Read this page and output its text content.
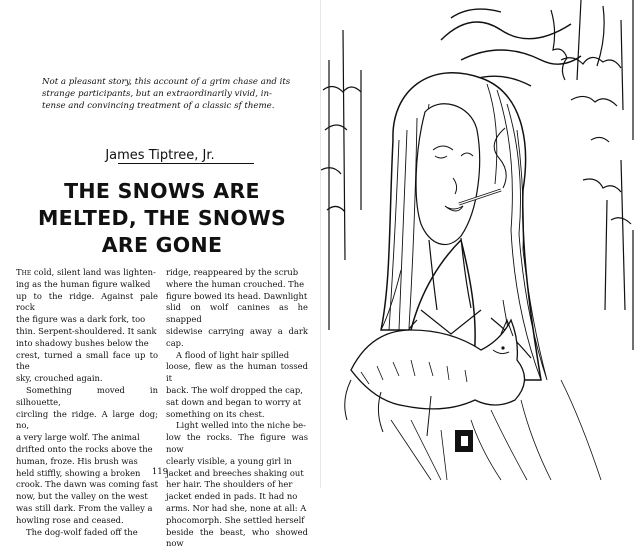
Not a pleasant story, this account of a grim chase and its

strange participants, but an extraordinarily vivid, in-

tense and convincing treatment of a classic sf theme.

James Tiptree, Jr.
THE SNOWS ARE
MELTED, THE SNOWS
ARE GONE

The cold, silent land was lighten-

ing as the human figure walked

up to the ridge. Against pale rock

the figure was a dark fork, too

thin. Serpent-shouldered. It sank

into shadowy bushes below the

crest, turned a small face up to the

sky, crouched again.

Something moved in silhouette,

circling the ridge. A large dog; no,

a very large wolf. The animal

drifted onto the rocks above the

human, froze. His brush was

held stiffly, showing a broken

crook. The dawn was coming fast

now, but the valley on the west

was still dark. From the valley a

howling rose and ceased.

The dog-wolf faded off the

ridge, reappeared by the scrub

where the human crouched. The

figure bowed its head. Dawnlight

slid on wolf canines as he snapped

sidewise carrying away a dark cap.

A flood of light hair spilled

loose, flew as the human tossed it

back. The wolf dropped the cap,

sat down and began to worry at

something on its chest.

Light welled into the niche be-

low the rocks. The figure was now

clearly visible, a young girl in

jacket and breeches shaking out

her hair. The shoulders of her

jacket ended in pads. It had no

arms. Nor had she, none at all: A

phocomorph. She settled herself

beside the beast, who showed now

119
